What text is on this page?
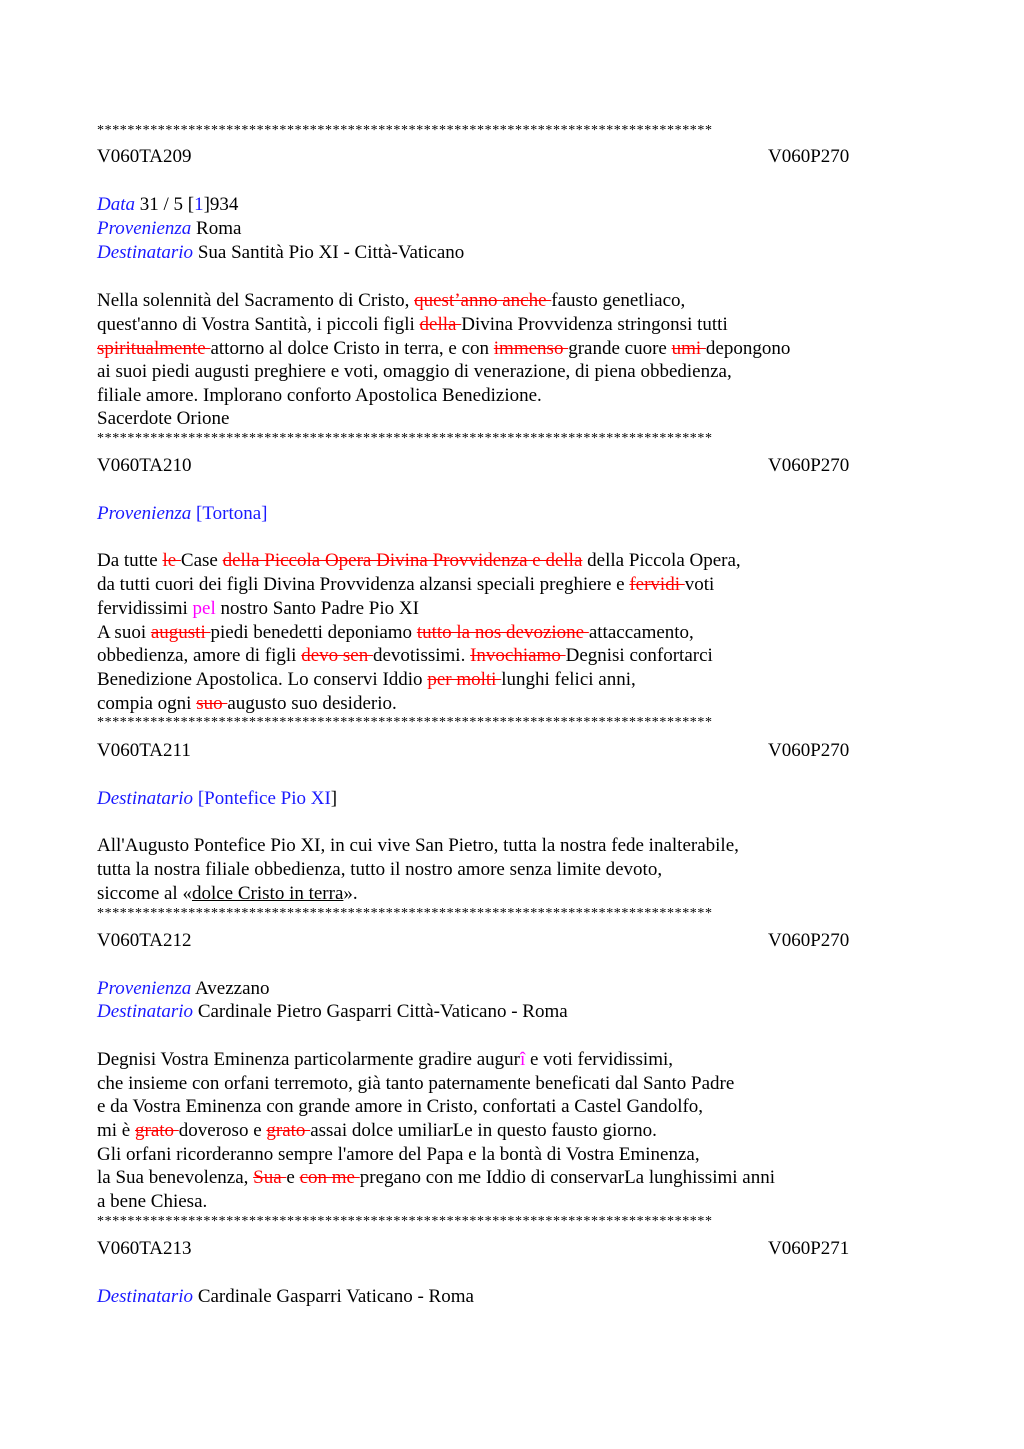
*********************************************************************************
V060TA209	V060P270
Data 31 / 5 [1]934
Provenienza Roma
Destinatario Sua Santità Pio XI - Città-Vaticano
Nella solennità del Sacramento di Cristo, quest’anno anche fausto genetliaco,
quest'anno di Vostra Santità, i piccoli figli della Divina Provvidenza stringonsi tutti
spiritualmente attorno al dolce Cristo in terra, e con immenso grande cuore umi depongono
ai suoi piedi augusti preghiere e voti, omaggio di venerazione, di piena obbedienza,
filiale amore. Implorano conforto Apostolica Benedizione.
Sacerdote Orione
*********************************************************************************
V060TA210	V060P270
Provenienza [Tortona]
Da tutte le Case della Piccola Opera Divina Provvidenza e della della Piccola Opera,
da tutti cuori dei figli Divina Provvidenza alzansi speciali preghiere e fervidi voti
fervidissimi pel nostro Santo Padre Pio XI
A suoi augusti piedi benedetti deponiamo tutto la nos devozione attaccamento,
obbedienza, amore di figli devo sen devotissimi. Invochiamo Degnisi confortarci
Benedizione Apostolica. Lo conservi Iddio per molti lunghi felici anni,
compia ogni suo augusto suo desiderio.
*********************************************************************************
V060TA211	V060P270
Destinatario [Pontefice Pio XI]
All'Augusto Pontefice Pio XI, in cui vive San Pietro, tutta la nostra fede inalterabile,
tutta la nostra filiale obbedienza, tutto il nostro amore senza limite devoto,
siccome al «dolce Cristo in terra».
*********************************************************************************
V060TA212	V060P270
Provenienza Avezzano
Destinatario Cardinale Pietro Gasparri Città-Vaticano - Roma
Degnisi Vostra Eminenza particolarmente gradire augurî e voti fervidissimi,
che insieme con orfani terremoto, già tanto paternamente beneficati dal Santo Padre
e da Vostra Eminenza con grande amore in Cristo, confortati a Castel Gandolfo,
mi è grato doveroso e grato assai dolce umiliarLe in questo fausto giorno.
Gli orfani ricorderanno sempre l'amore del Papa e la bontà di Vostra Eminenza,
la Sua benevolenza, Sua e con me pregano con me Iddio di conservarLa lunghissimi anni
a bene Chiesa.
*********************************************************************************
V060TA213	V060P271
Destinatario Cardinale Gasparri Vaticano - Roma
